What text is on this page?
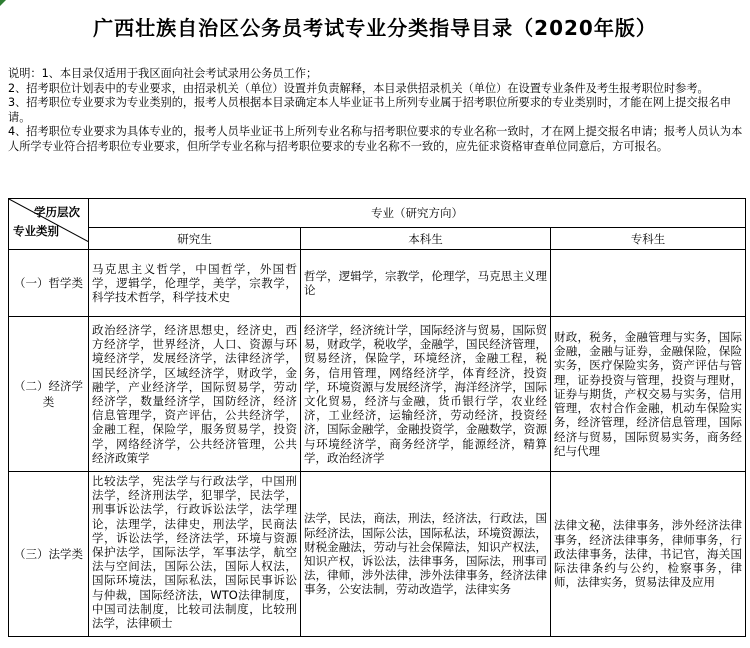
广西壮族自治区公务员考试专业分类指导目录（2020年版）

说明：1、本目录仅适用于我区面向社会考试录用公务员工作；

2、招考职位计划表中的专业要求，由招录机关（单位）设置并负责解释，本目录供招录机关（单位）在设置专业条件及考生报考职位时参考。

3、招考职位专业要求为专业类别的，报考人员根据本目录确定本人毕业证书上所列专业属于招考职位所要求的专业类别时，才能在网上提交报名申请。

4、招考职位专业要求为具体专业的，报考人员毕业证书上所列专业名称与招考职位要求的专业名称一致时，才在网上提交报名申请；报考人员认为本人所学专业符合招考职位专业要求，但所学专业名称与招考职位要求的专业名称不一致的，应先征求资格审查单位同意后，方可报名。

学历层次
专业类别	专业（研究方向）		
	研究生	本科生	专科生
（一）哲学类	马克思主义哲学，中国哲学，外国哲学，逻辑学，伦理学，美学，宗教学，科学技术哲学，科学技术史	哲学，逻辑学，宗教学，伦理学，马克思主义理论	
（二）经济学类	政治经济学，经济思想史，经济史，西方经济学，世界经济，人口、资源与环境经济学，发展经济学，法律经济学，国民经济学，区域经济学，财政学，金融学，产业经济学，国际贸易学，劳动经济学，数量经济学，国防经济，经济信息管理学，资产评估，公共经济学，金融工程，保险学，服务贸易学，投资学，网络经济学，公共经济管理，公共经济政策学	经济学，经济统计学，国际经济与贸易，国际贸易，财政学，税收学，金融学，国民经济管理，贸易经济，保险学，环境经济，金融工程，税务，信用管理，网络经济学，体育经济，投资学，环境资源与发展经济学，海洋经济学，国际文化贸易，经济与金融，货币银行学，农业经济，工业经济，运输经济，劳动经济，投资经济，国际金融学，金融投资学，金融数学，资源与环境经济学，商务经济学，能源经济，精算学，政治经济学	财政，税务，金融管理与实务，国际金融，金融与证券，金融保险，保险实务，医疗保险实务，资产评估与管理，证券投资与管理，投资与理财，证券与期货，产权交易与实务，信用管理，农村合作金融，机动车保险实务，经济管理，经济信息管理，国际经济与贸易，国际贸易实务，商务经纪与代理
（三）法学类	比较法学，宪法学与行政法学，中国刑法学，经济刑法学，犯罪学，民法学，刑事诉讼法学，行政诉讼法学，法学理论，法理学，法律史，刑法学，民商法学，诉讼法学，经济法学，环境与资源保护法学，国际法学，军事法学，航空法与空间法，国际公法，国际人权法，国际环境法，国际私法，国际民事诉讼与仲裁，国际经济法，WTO法律制度，中国司法制度，比较司法制度，比较刑法学，法律硕士	法学，民法，商法，刑法，经济法，行政法，国际经济法，国际公法，国际私法，环境资源法，财税金融法，劳动与社会保障法，知识产权法，知识产权，诉讼法，法律事务，国际法，刑事司法，律师，涉外法律，涉外法律事务，经济法律事务，公安法制，劳动改造学，法律实务	法律文秘，法律事务，涉外经济法律事务，经济法律事务，律师事务，行政法律事务，法律，书记官，海关国际法律条约与公约，检察事务，律师，法律实务，贸易法律及应用
